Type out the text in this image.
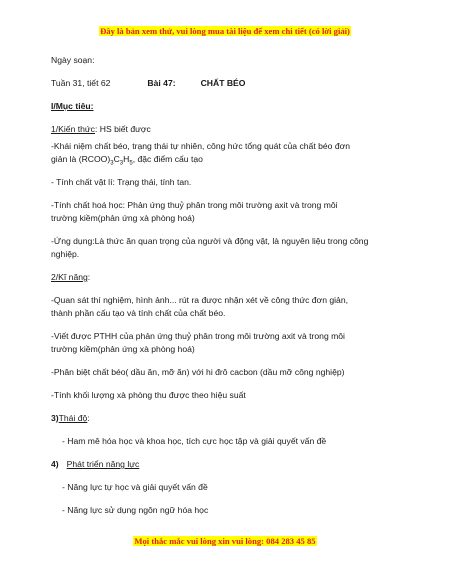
Đây là bản xem thử, vui lòng mua tài liệu để xem chi tiết (có lời giải)
Ngày soạn:
Tuần 31, tiết 62	Bài 47:	CHẤT BÉO
I/Mục tiêu:
1/Kiến thức: HS biết được
-Khái niệm chất béo, trạng thái tự nhiên, công hức tổng quát của chất béo đơn
giản là $(RCOO)_3C_3H_5$, đặc điểm cấu tạo
- Tính chất vật lí: Trạng thái, tính tan.
-Tính chất hoá học: Phản ứng thuỷ phân trong môi trường axit và trong môi
trường kiềm(phản ứng xà phòng hoá)
-Ứng dụng:Là thức ăn quan trọng của người và động vật, là nguyên liệu trong công
nghiệp.
2/Kĩ năng:
-Quan sát thí nghiệm, hình ảnh... rút ra được nhận xét về công thức đơn giản,
thành phần cấu tạo và tính chất của chất béo.
-Viết được PTHH của phản ứng thuỷ phân trong môi trường axit và trong môi
trường kiềm(phản ứng xà phòng hoá)
-Phân biệt chất béo( dầu ăn, mỡ ăn) với hi đrô cacbon (dầu mỡ công nghiệp)
-Tính khối lượng xà phòng thu được theo hiệu suất
3)Thái độ:
- Ham mê hóa học và khoa học, tích cực học tập và giải quyết vấn đề
4) Phát triển năng lực
- Năng lực tự học và giải quyết vấn đề
- Năng lực sử dụng ngôn ngữ hóa học
Mọi thắc mắc vui lòng xin vui lòng: 084 283 45 85
